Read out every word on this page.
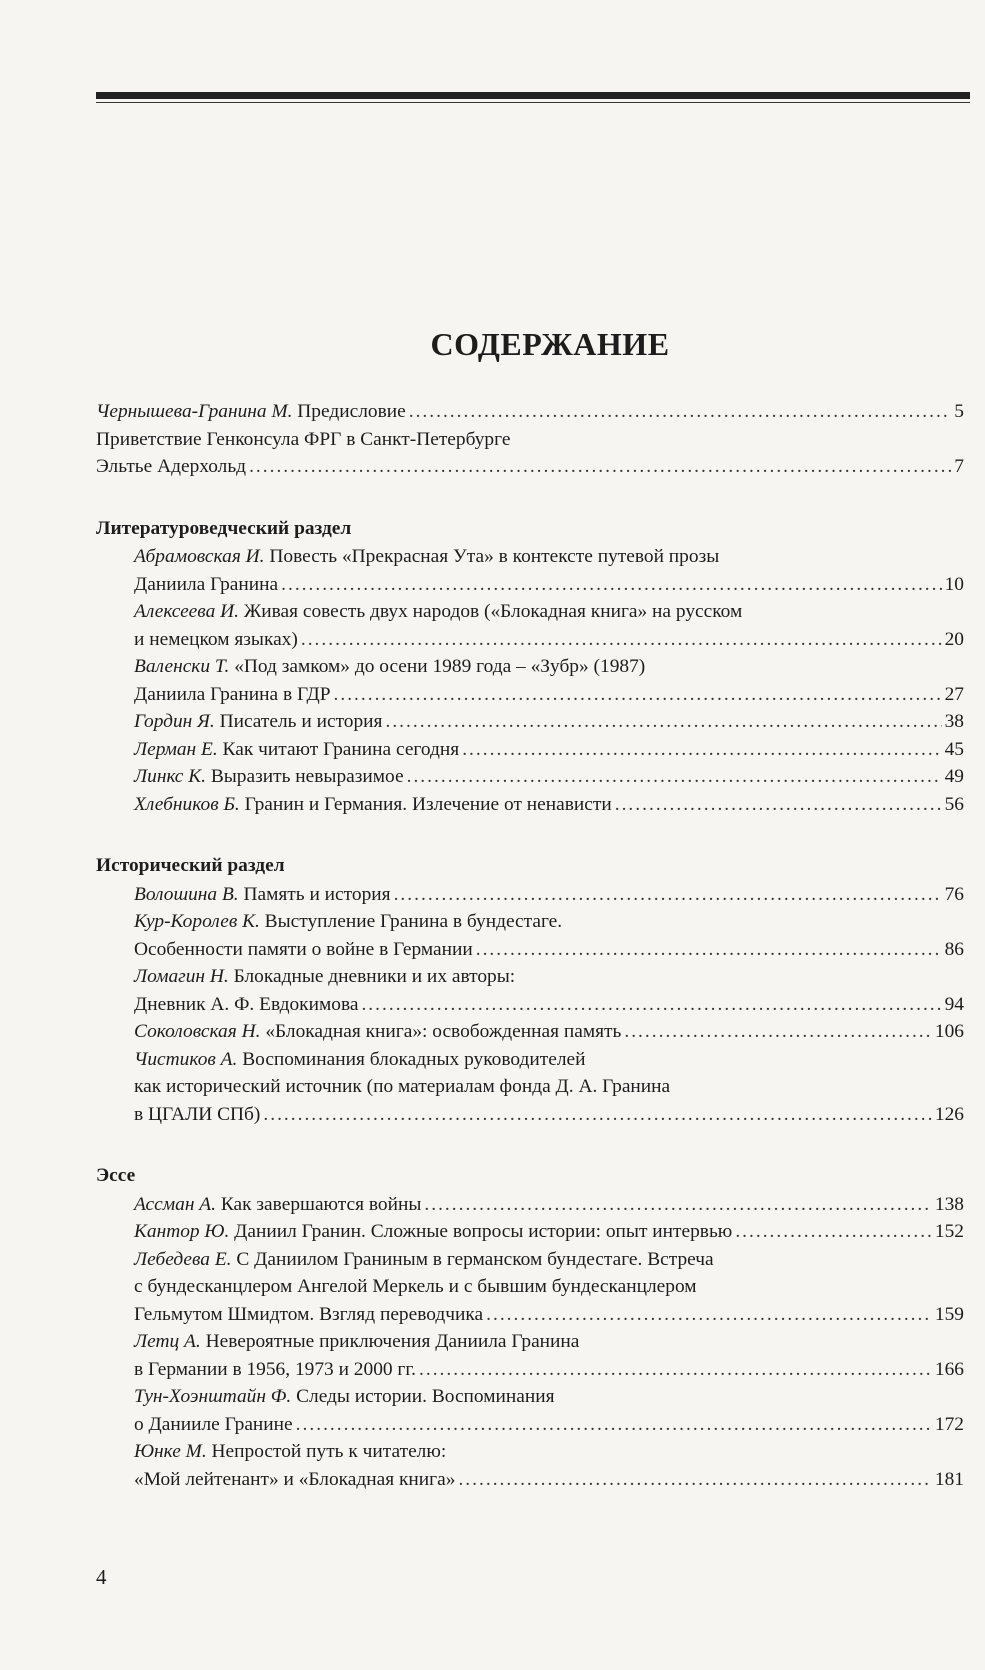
СОДЕРЖАНИЕ
Чернышева-Гранина М. Предисловие .....	5
Приветствие Генконсула ФРГ в Санкт-Петербурге
Эльтье Адерхольд .....	7
Литературоведческий раздел
Абрамовская И. Повесть «Прекрасная Ута» в контексте путевой прозы
Даниила Гранина .....	10
Алексеева И. Живая совесть двух народов («Блокадная книга» на русском
и немецком языках) .....	20
Валенски Т. «Под замком» до осени 1989 года – «Зубр» (1987)
Даниила Гранина в ГДР .....	27
Гордин Я. Писатель и история .....	38
Лерман Е. Как читают Гранина сегодня .....	45
Линкс К. Выразить невыразимое .....	49
Хлебников Б. Гранин и Германия. Излечение от ненависти .....	56
Исторический раздел
Волошина В. Память и история .....	76
Кур-Королев К. Выступление Гранина в бундестаге.
Особенности памяти о войне в Германии .....	86
Ломагин Н. Блокадные дневники и их авторы:
Дневник А. Ф. Евдокимова .....	94
Соколовская Н. «Блокадная книга»: освобожденная память .....	106
Чистиков А. Воспоминания блокадных руководителей
как исторический источник (по материалам фонда Д. А. Гранина
в ЦГАЛИ СПб) .....	126
Эссе
Ассман А. Как завершаются войны .....	138
Кантор Ю. Даниил Гранин. Сложные вопросы истории: опыт интервью .....	152
Лебедева Е. С Даниилом Граниным в германском бундестаге. Встреча
с бундесканцлером Ангелой Меркель и с бывшим бундесканцлером
Гельмутом Шмидтом. Взгляд переводчика .....	159
Летц А. Невероятные приключения Даниила Гранина
в Германии в 1956, 1973 и 2000 гг. .....	166
Тун-Хоэнштайн Ф. Следы истории. Воспоминания
о Данииле Гранине .....	172
Юнке М. Непростой путь к читателю:
«Мой лейтенант» и «Блокадная книга» .....	181
4
